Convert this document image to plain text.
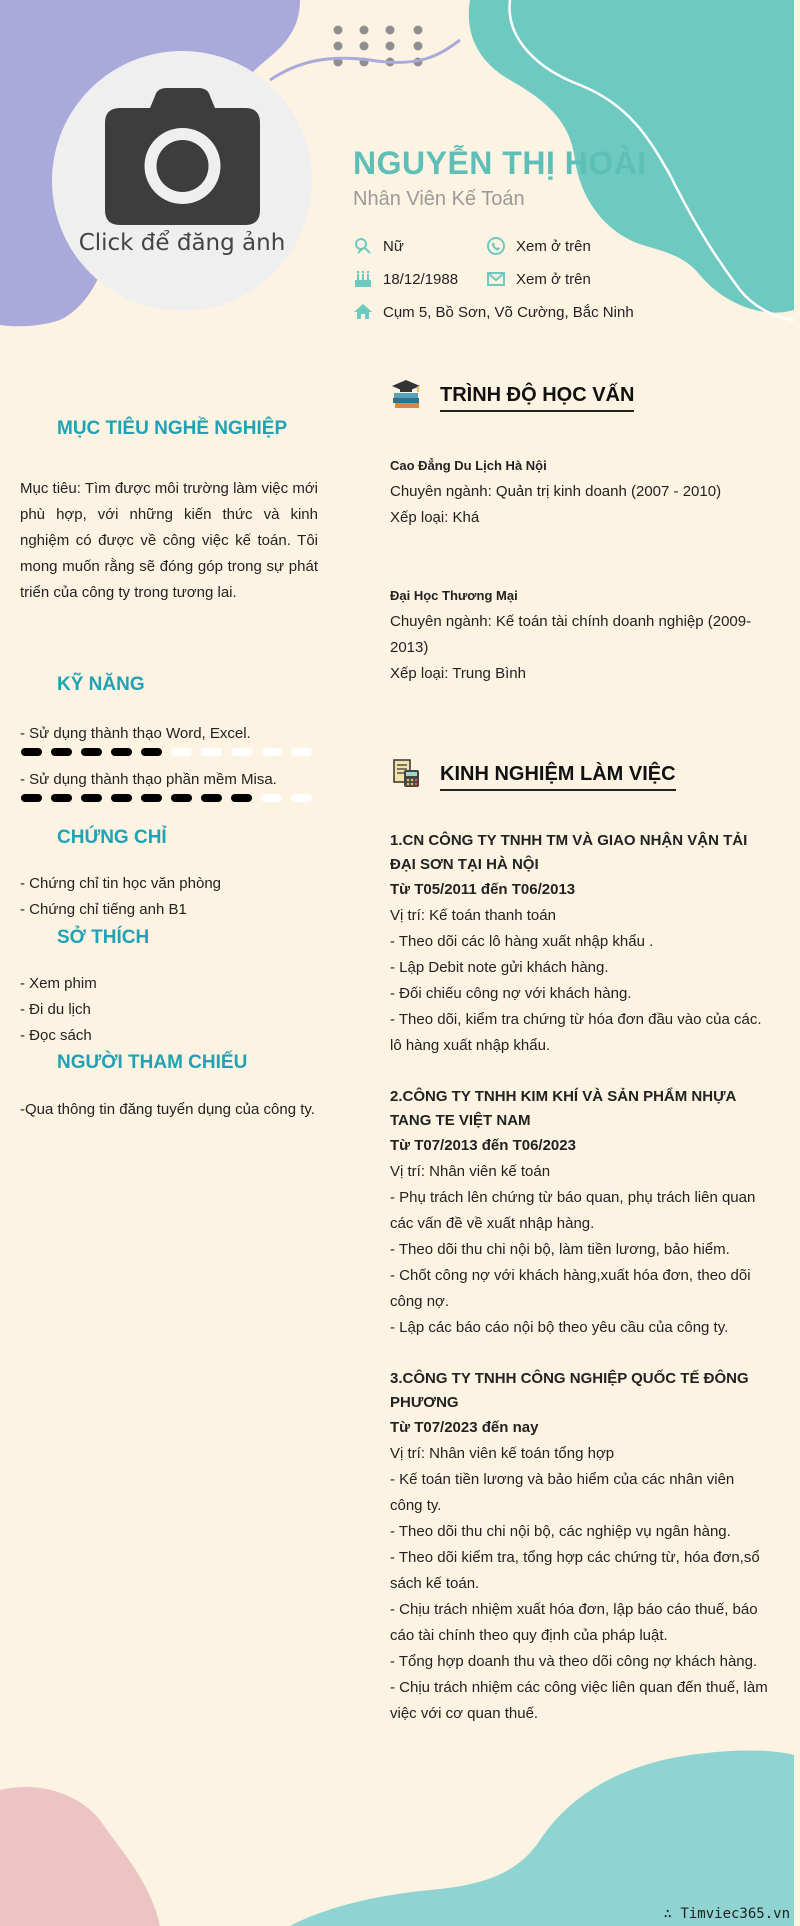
Click để đăng ảnh
NGUYỄN THỊ HOÀI
Nhân Viên Kế Toán
Nữ	Xem ở trên
18/12/1988	Xem ở trên
Cụm 5, Bồ Sơn, Võ Cường, Bắc Ninh
MỤC TIÊU NGHỀ NGHIỆP
Mục tiêu: Tìm được môi trường làm việc mới phù hợp, với những kiến thức và kinh nghiệm có được về công việc kế toán. Tôi mong muốn rằng sẽ đóng góp trong sự phát triển của công ty trong tương lai.
KỸ NĂNG
- Sử dụng thành thạo Word, Excel.
- Sử dụng thành thạo phần mềm Misa.
CHỨNG CHỈ
- Chứng chỉ tin học văn phòng
- Chứng chỉ tiếng anh B1
SỞ THÍCH
- Xem phim
- Đi du lịch
- Đọc sách
NGƯỜI THAM CHIẾU
-Qua thông tin đăng tuyển dụng của công ty.
TRÌNH ĐỘ HỌC VẤN
Cao Đẳng Du Lịch Hà Nội
Chuyên ngành: Quản trị kinh doanh (2007 - 2010)
Xếp loại: Khá
Đại Học Thương Mại
Chuyên ngành: Kế toán tài chính doanh nghiệp (2009-2013)
Xếp loại: Trung Bình
KINH NGHIỆM LÀM VIỆC
1.CN CÔNG TY TNHH TM VÀ GIAO NHẬN VẬN TẢI ĐẠI SƠN TẠI HÀ NỘI
Từ T05/2011 đến T06/2013
Vị trí: Kế toán thanh toán
- Theo dõi các lô hàng xuất nhập khẩu .
- Lập Debit note gửi khách hàng.
- Đối chiếu công nợ với khách hàng.
- Theo dõi, kiểm tra chứng từ hóa đơn đầu vào của các. lô hàng xuất nhập khẩu.
2.CÔNG TY TNHH KIM KHÍ VÀ SẢN PHẨM NHỰA TANG TE VIỆT NAM
Từ T07/2013 đến T06/2023
Vị trí: Nhân viên kế toán
- Phụ trách lên chứng từ báo quan, phụ trách liên quan các vấn đề về xuất nhập hàng.
- Theo dõi thu chi nội bộ, làm tiền lương, bảo hiểm.
- Chốt công nợ với khách hàng,xuất hóa đơn, theo dõi công nợ.
- Lập các báo cáo nội bộ theo yêu cầu của công ty.
3.CÔNG TY TNHH CÔNG NGHIỆP QUỐC TẾ ĐÔNG PHƯƠNG
Từ T07/2023 đến nay
Vị trí: Nhân viên kế toán tổng hợp
- Kế toán tiền lương và bảo hiểm của các nhân viên công ty.
- Theo dõi thu chi nội bộ, các nghiệp vụ ngân hàng.
- Theo dõi kiểm tra, tổng hợp các chứng từ, hóa đơn,sổ sách kế toán.
- Chịu trách nhiệm xuất hóa đơn, lập báo cáo thuế, báo cáo tài chính theo quy định của pháp luật.
- Tổng hợp doanh thu và theo dõi công nợ khách hàng.
- Chịu trách nhiệm các công việc liên quan đến thuế, làm việc với cơ quan thuế.
∴ Timviec365.vn
